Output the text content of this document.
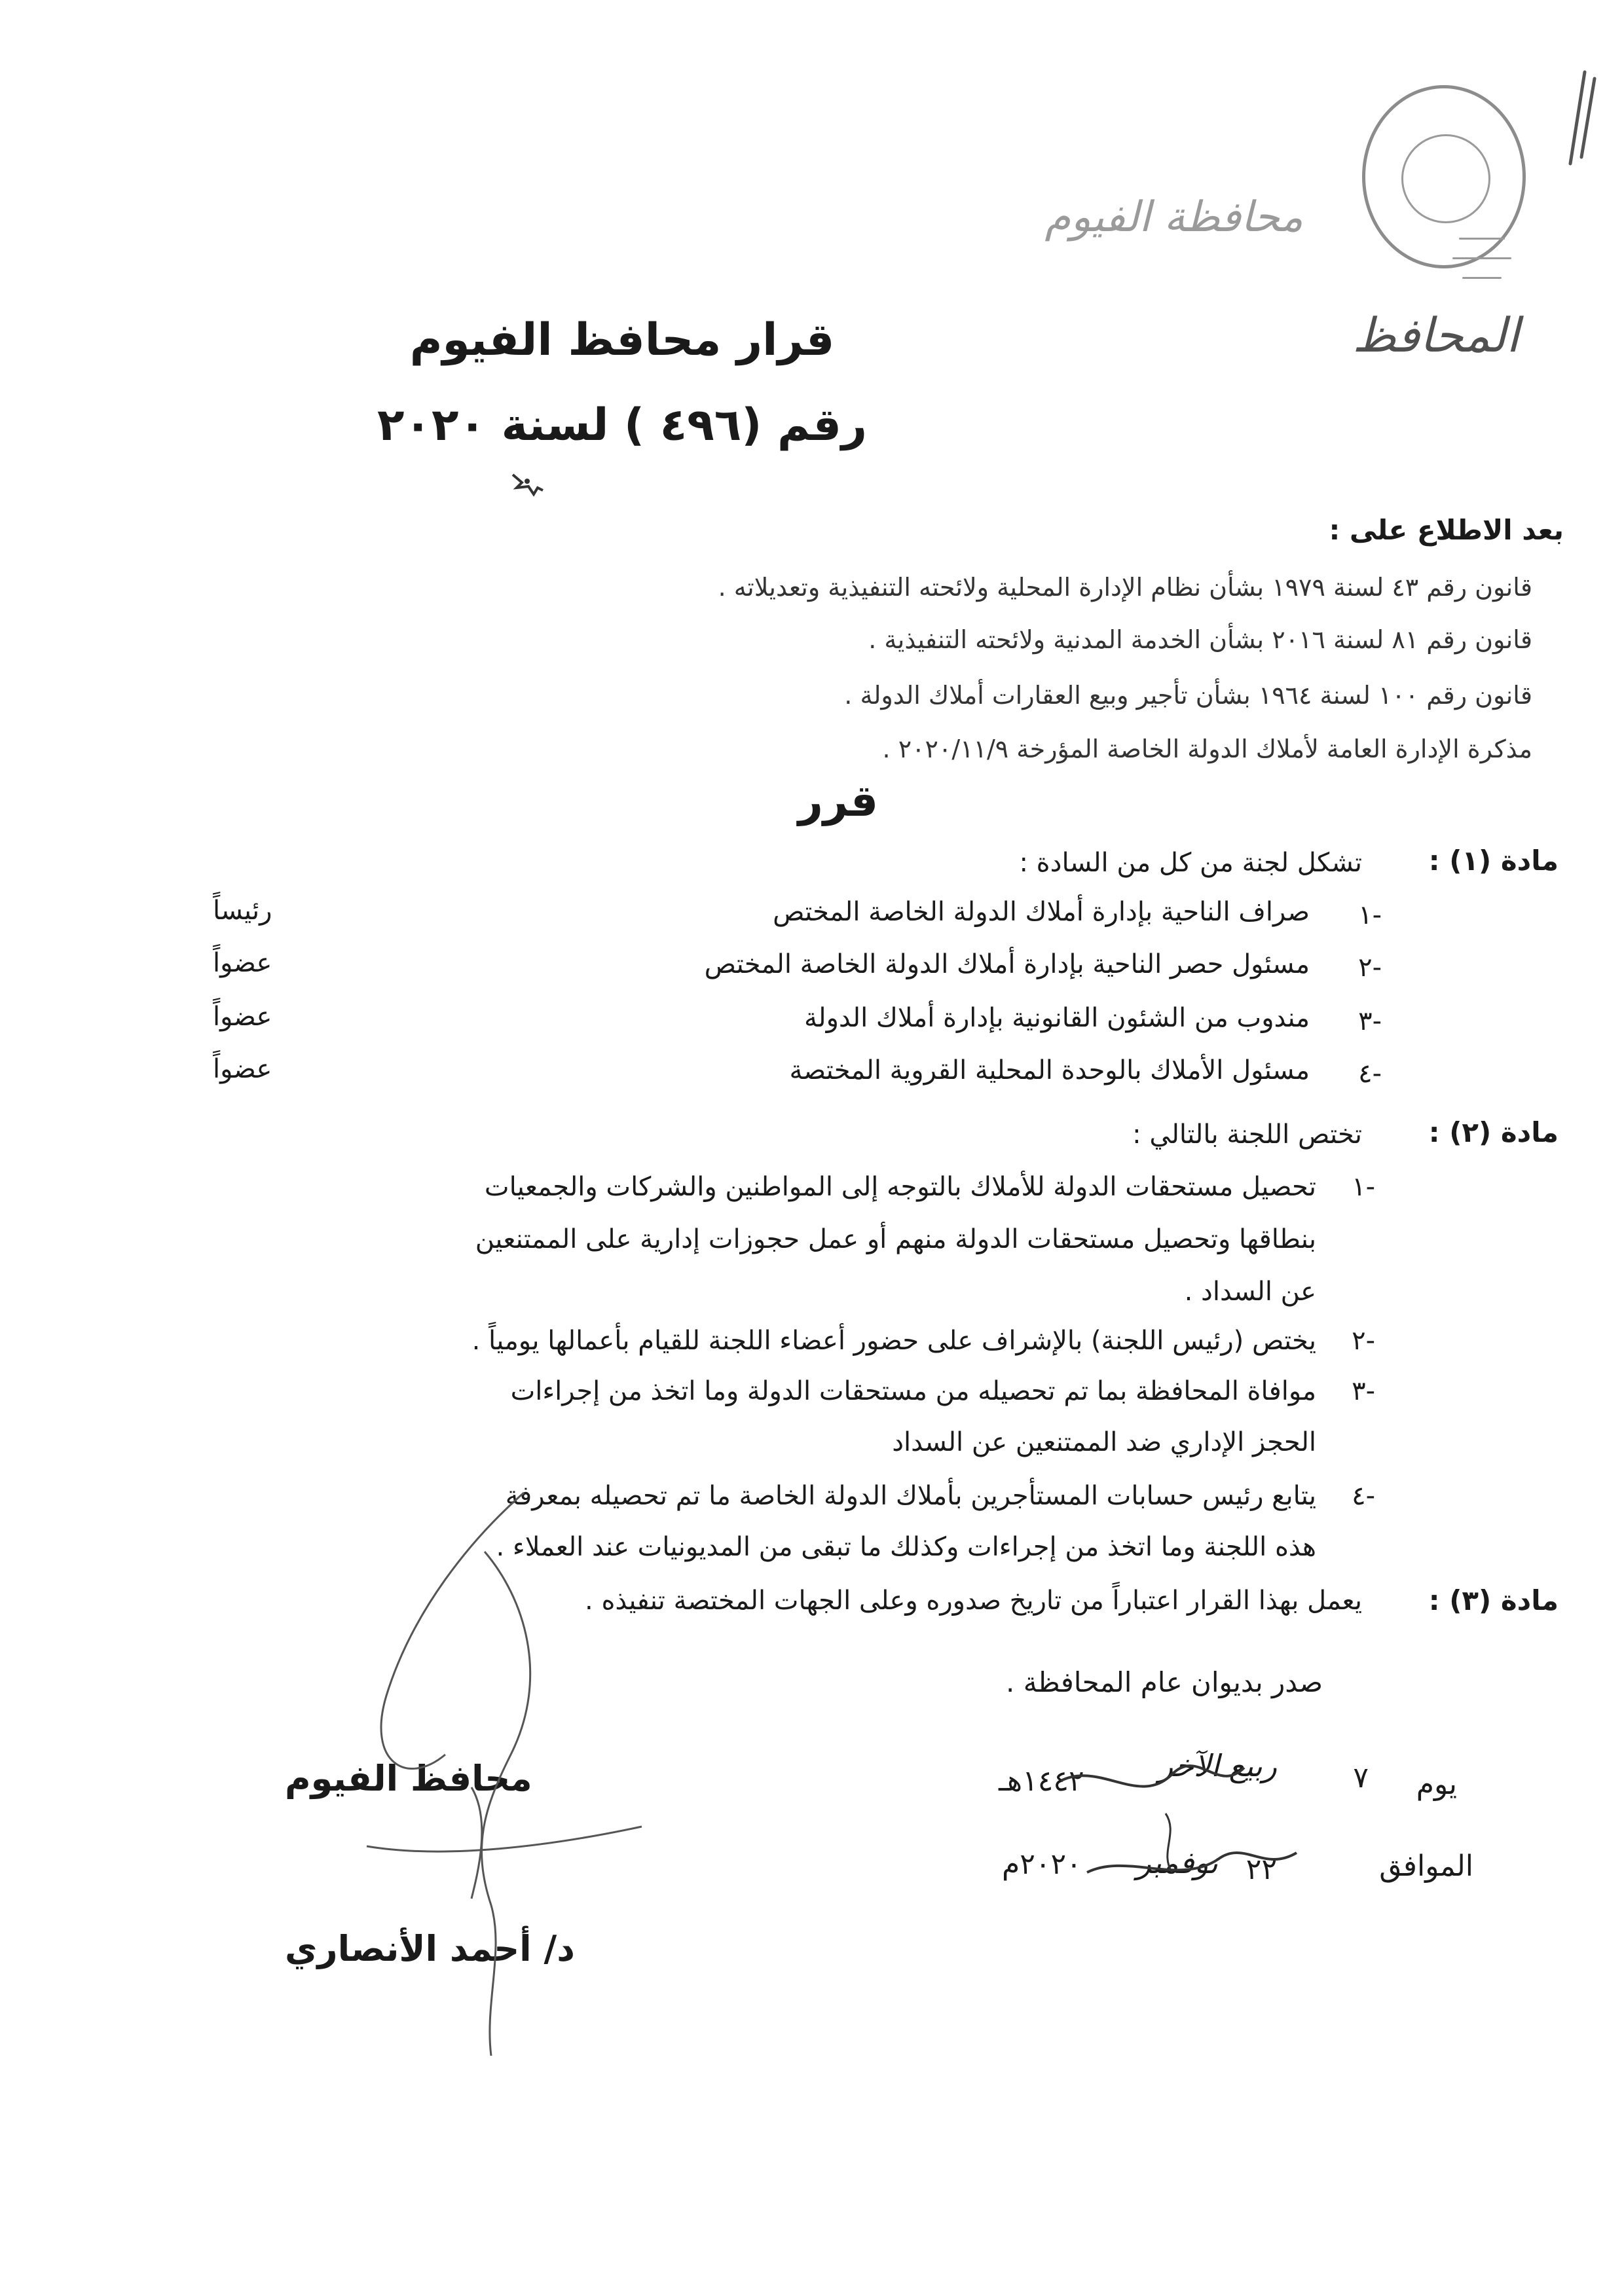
محافظة الفيوم
المحافظ
قرار محافظ الفيوم
رقم (٤٩٦ ) لسنة ٢٠٢٠
بعد الاطلاع على :
قانون رقم ٤٣ لسنة ١٩٧٩ بشأن نظام الإدارة المحلية ولائحته التنفيذية وتعديلاته .
قانون رقم ٨١ لسنة ٢٠١٦ بشأن الخدمة المدنية ولائحته التنفيذية .
قانون رقم ١٠٠ لسنة ١٩٦٤ بشأن تأجير وبيع العقارات أملاك الدولة .
مذكرة الإدارة العامة لأملاك الدولة الخاصة المؤرخة ٢٠٢٠/١١/٩ .
قرر
مادة (١) :
تشكل لجنة من كل من السادة :
١-
صراف الناحية بإدارة أملاك الدولة الخاصة المختص
رئيساً
٢-
مسئول حصر الناحية بإدارة أملاك الدولة الخاصة المختص
عضواً
٣-
مندوب من الشئون القانونية بإدارة أملاك الدولة
عضواً
٤-
مسئول الأملاك بالوحدة المحلية القروية المختصة
عضواً
مادة (٢) :
تختص اللجنة بالتالي :
١-
تحصيل مستحقات الدولة للأملاك بالتوجه إلى المواطنين والشركات والجمعيات
بنطاقها وتحصيل مستحقات الدولة منهم أو عمل حجوزات إدارية على الممتنعين
عن السداد .
٢-
يختص (رئيس اللجنة) بالإشراف على حضور أعضاء اللجنة للقيام بأعمالها يومياً .
٣-
موافاة المحافظة بما تم تحصيله من مستحقات الدولة وما اتخذ من إجراءات
الحجز الإداري ضد الممتنعين عن السداد
٤-
يتابع رئيس حسابات المستأجرين بأملاك الدولة الخاصة ما تم تحصيله بمعرفة
هذه اللجنة وما اتخذ من إجراءات وكذلك ما تبقى من المديونيات عند العملاء .
مادة (٣) :
يعمل بهذا القرار اعتباراً من تاريخ صدوره وعلى الجهات المختصة تنفيذه .
صدر بديوان عام المحافظة .
يوم
٧
ربيع الآخر
١٤٤٢هـ
الموافق
٢٢
نوفمبر
٢٠٢٠م
محافظ الفيوم
د/ أحمد الأنصاري
